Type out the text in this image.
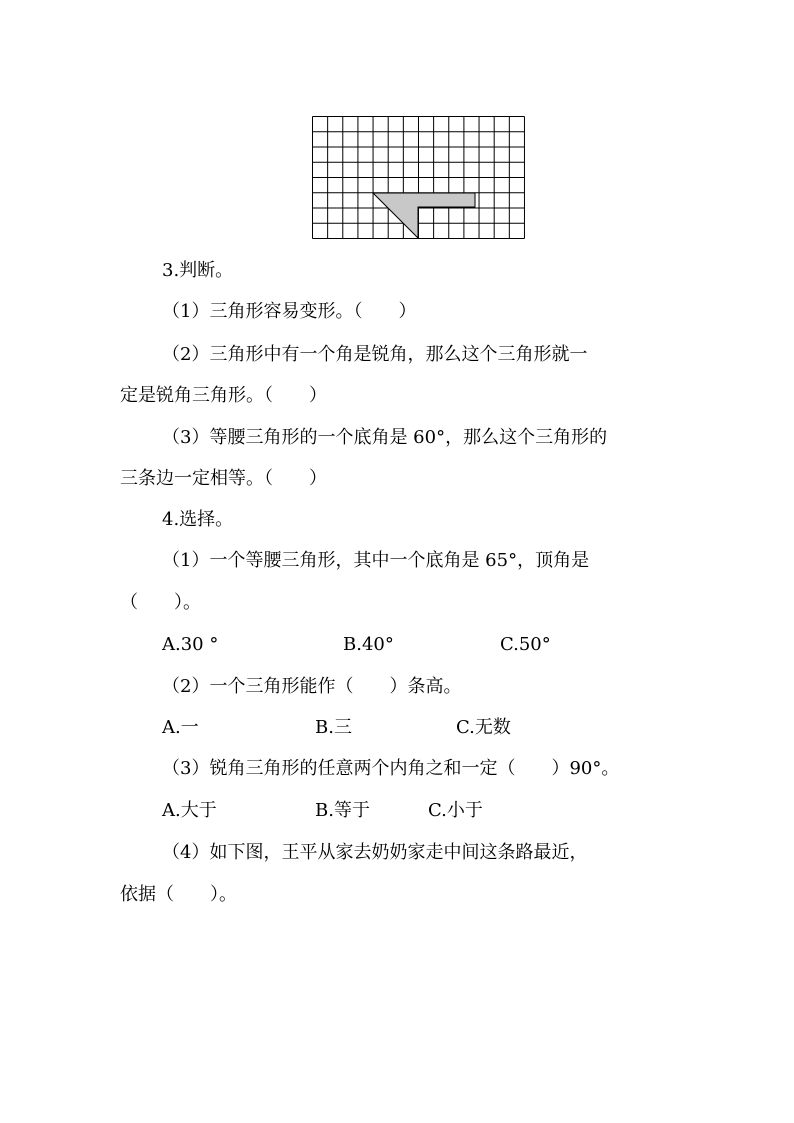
3.判断。
（1）三角形容易变形。（　　）
（2）三角形中有一个角是锐角，那么这个三角形就一
定是锐角三角形。（　　）
（3）等腰三角形的一个底角是 60°，那么这个三角形的
三条边一定相等。（　　）
4.选择。
（1）一个等腰三角形，其中一个底角是 65°，顶角是
（　　）。
A.30 °	B.40°	C.50°
（2）一个三角形能作（　　）条高。
A.一	B.三	C.无数
（3）锐角三角形的任意两个内角之和一定（　　）90°。
A.大于	B.等于	C.小于
（4）如下图，王平从家去奶奶家走中间这条路最近，
依据（　　）。
